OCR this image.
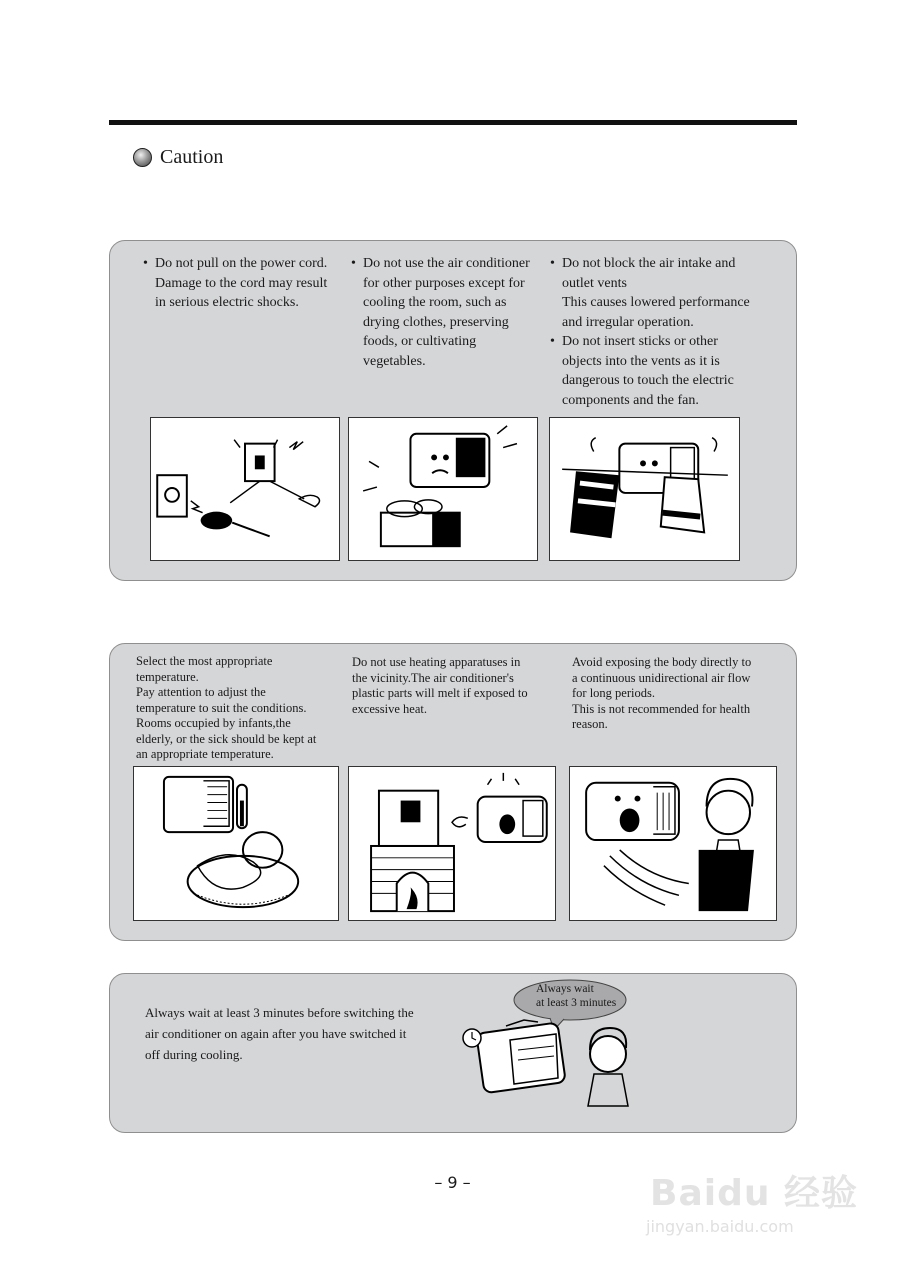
Caution
• Do not pull on the power cord.
Damage to the cord may result
in serious electric shocks.
• Do not use the air conditioner
for other purposes except for
cooling the room, such as
drying clothes, preserving
foods, or cultivating
vegetables.
• Do not block the air intake and
outlet vents
This causes lowered performance
and irregular operation.
• Do not insert sticks or other
objects into the vents as it is
dangerous to touch the electric
components and the fan.
Select the most appropriate
temperature.
Pay attention to adjust the
temperature to suit the conditions.
Rooms occupied by infants,the
elderly, or the sick should be kept at
an appropriate temperature.
Do not use heating apparatuses in
the vicinity.The air conditioner's
plastic parts will melt if exposed to
excessive heat.
Avoid exposing the body directly to
a continuous unidirectional air flow
for long periods.
This is not recommended for health
reason.
Always wait at least 3 minutes before switching the
air conditioner on again after you have switched it
off during cooling.
Always wait
at least 3 minutes
– 9 –	Baidu 经验
jingyan.baidu.com
